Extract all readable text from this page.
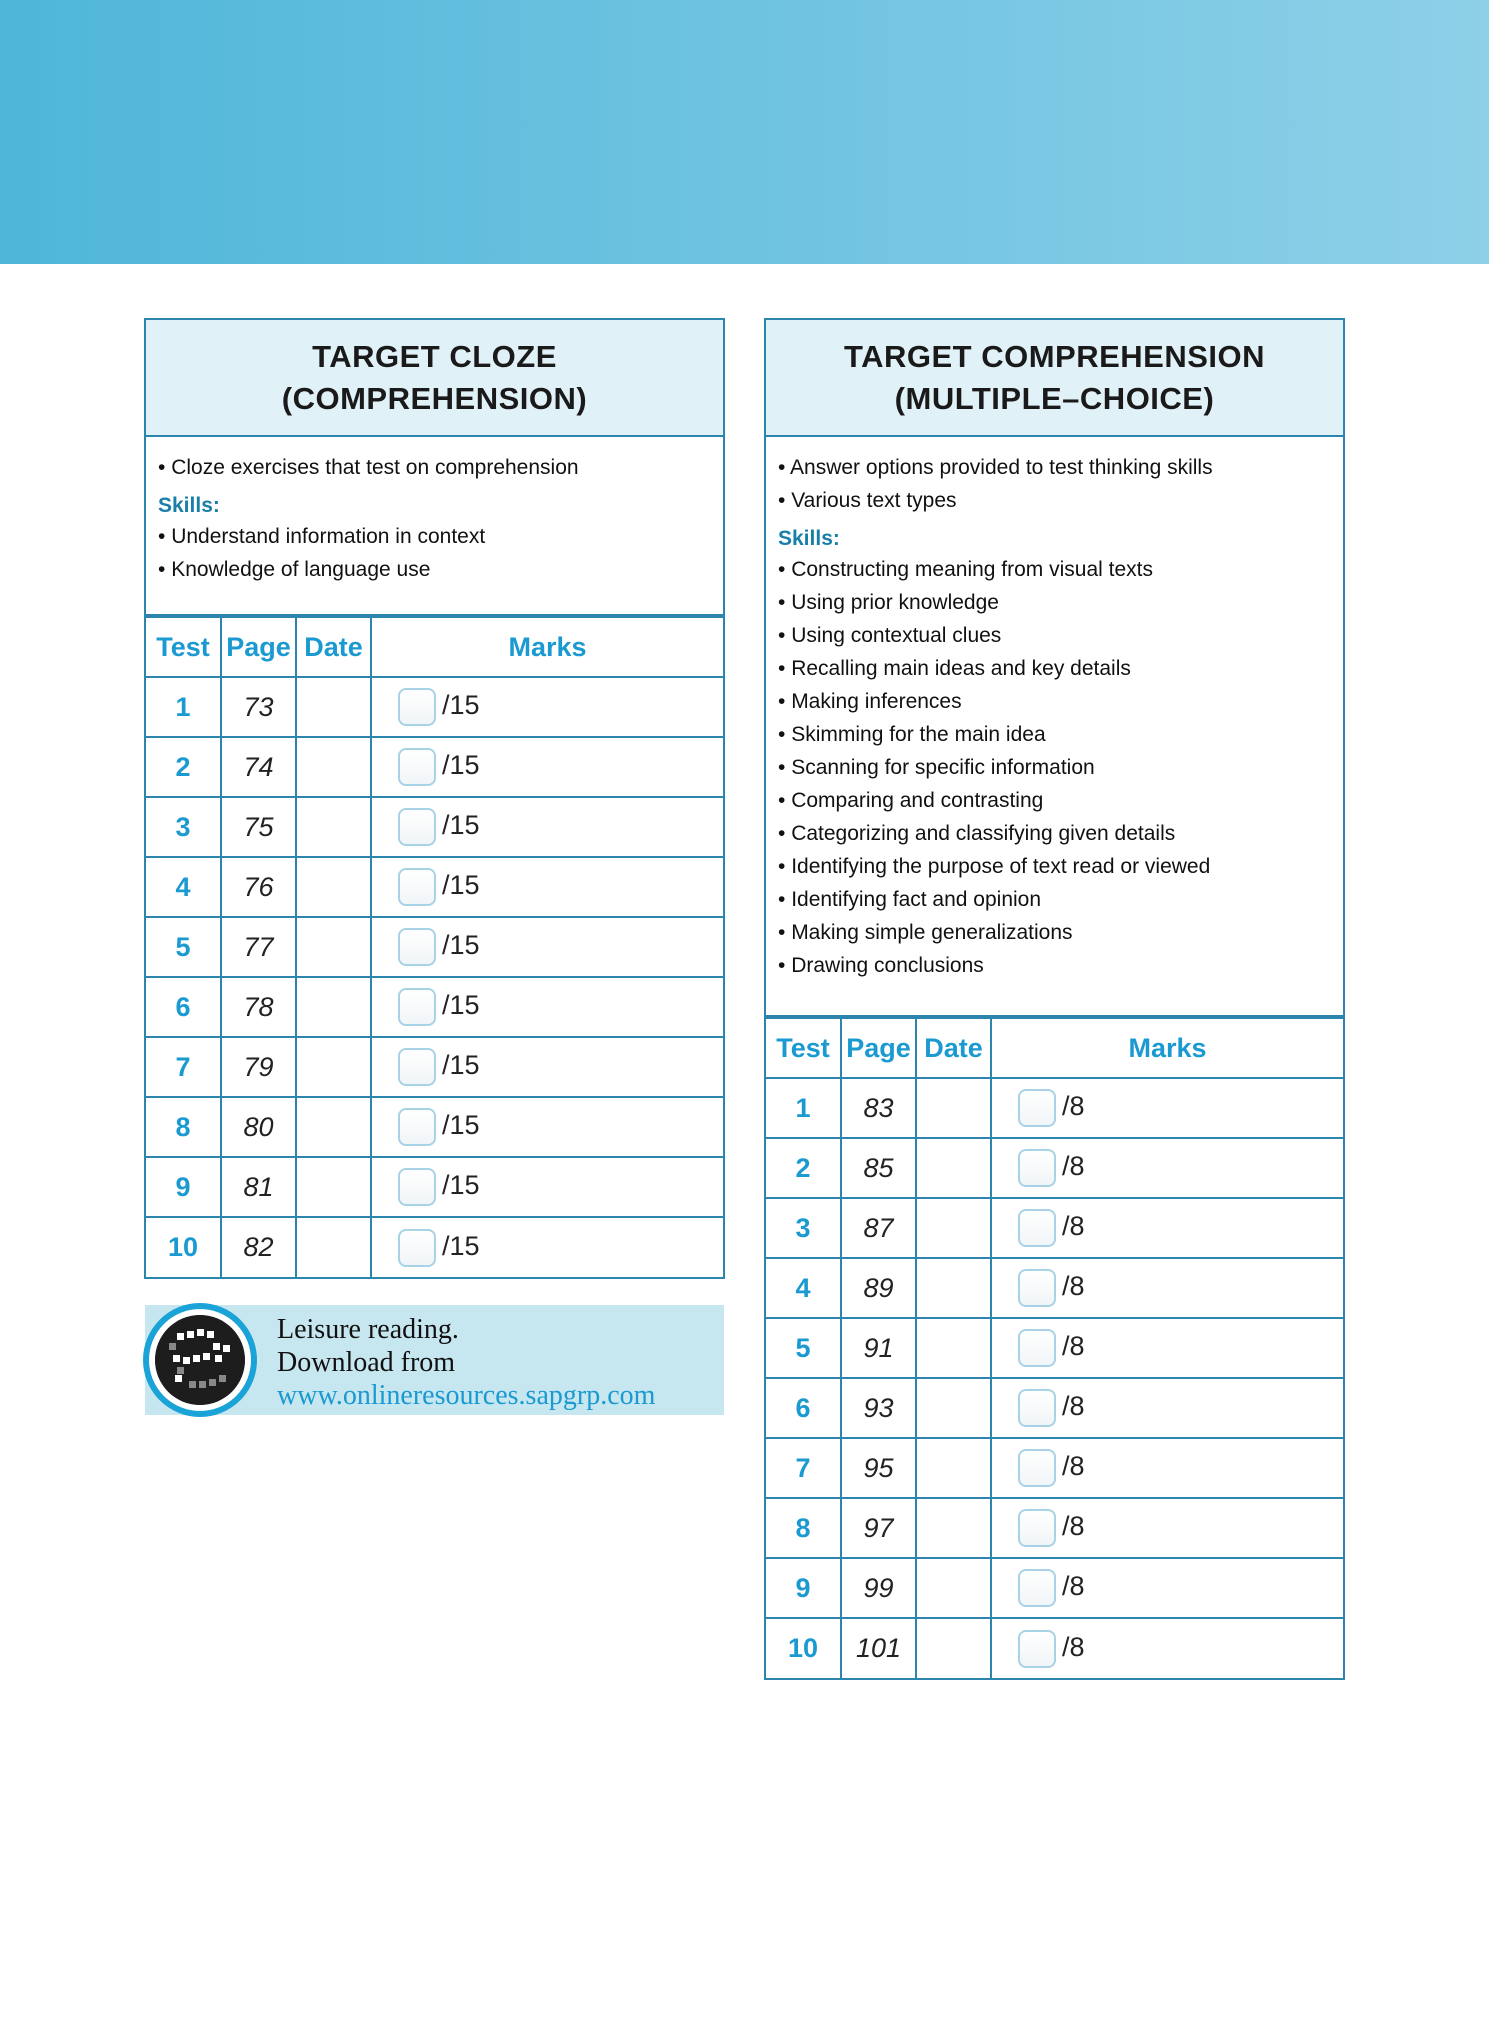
TARGET CLOZE
(COMPREHENSION)
• Cloze exercises that test on comprehension
Skills:
• Understand information in context
• Knowledge of language use
Test	Page	Date	Marks
1	73		/15
2	74		/15
3	75		/15
4	76		/15
5	77		/15
6	78		/15
7	79		/15
8	80		/15
9	81		/15
10	82		/15
TARGET COMPREHENSION
(MULTIPLE–CHOICE)
• Answer options provided to test thinking skills
• Various text types
Skills:
• Constructing meaning from visual texts
• Using prior knowledge
• Using contextual clues
• Recalling main ideas and key details
• Making inferences
• Skimming for the main idea
• Scanning for specific information
• Comparing and contrasting
• Categorizing and classifying given details
• Identifying the purpose of text read or viewed
• Identifying fact and opinion
• Making simple generalizations
• Drawing conclusions
Test	Page	Date	Marks
1	83		/8
2	85		/8
3	87		/8
4	89		/8
5	91		/8
6	93		/8
7	95		/8
8	97		/8
9	99		/8
10	101		/8
Leisure reading.
Download from
www.onlineresources.sapgrp.com
